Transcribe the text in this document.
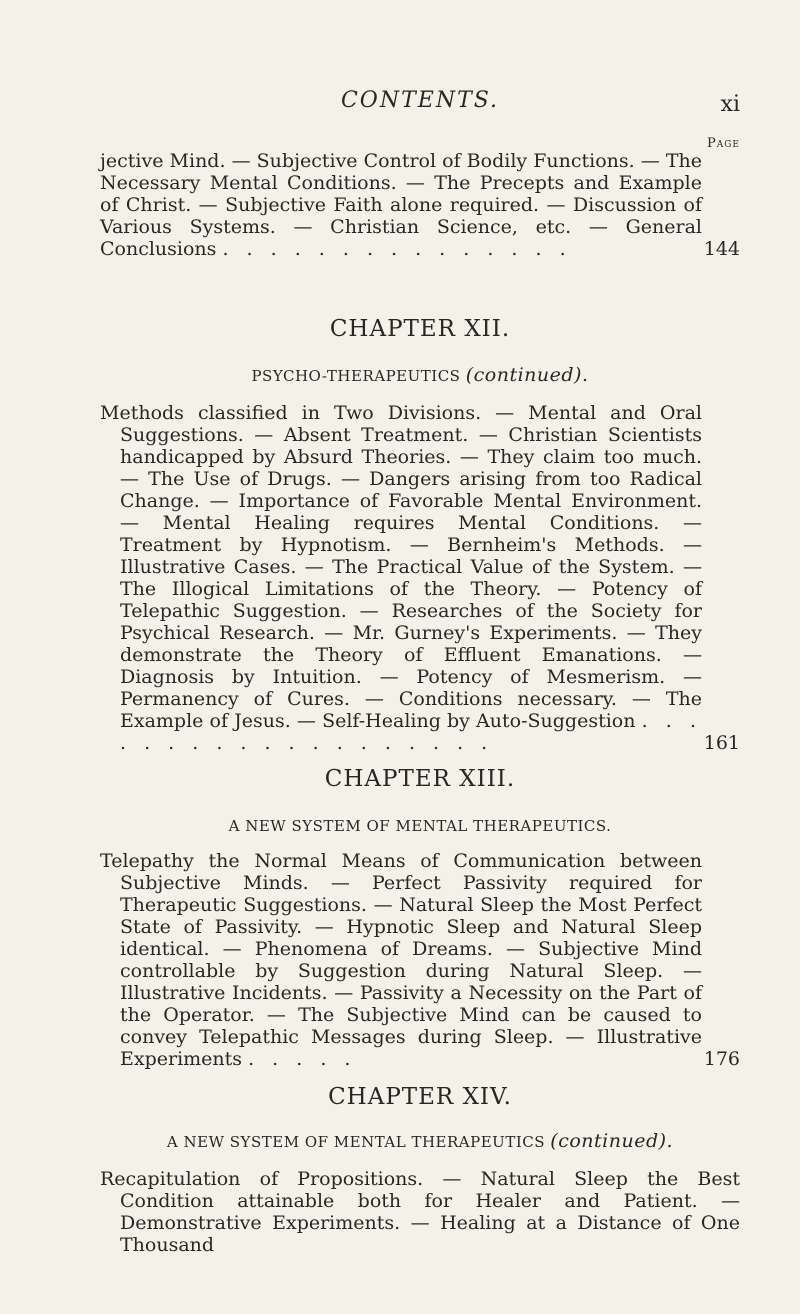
CONTENTS.	xi
Page
jective Mind. — Subjective Control of Bodily Functions. — The Necessary Mental Conditions. — The Precepts and Example of Christ. — Subjective Faith alone required. — Discussion of Various Systems. — Christian Science, etc. — General Conclusions . . . . . . . . . . . . . . .	144
CHAPTER XII.
PSYCHO-THERAPEUTICS (continued).
Methods classified in Two Divisions. — Mental and Oral Suggestions. — Absent Treatment. — Christian Scientists handicapped by Absurd Theories. — They claim too much. — The Use of Drugs. — Dangers arising from too Radical Change. — Importance of Favorable Mental Environment. — Mental Healing requires Mental Conditions. — Treatment by Hypnotism. — Bernheim's Methods. — Illustrative Cases. — The Practical Value of the System. — The Illogical Limitations of the Theory. — Potency of Telepathic Suggestion. — Researches of the Society for Psychical Research. — Mr. Gurney's Experiments. — They demonstrate the Theory of Effluent Emanations. — Diagnosis by Intuition. — Potency of Mesmerism. — Permanency of Cures. — Conditions necessary. — The Example of Jesus. — Self-Healing by Auto-Suggestion . . . . . . . . . . . . . . . . . . .	161
CHAPTER XIII.
A NEW SYSTEM OF MENTAL THERAPEUTICS.
Telepathy the Normal Means of Communication between Subjective Minds. — Perfect Passivity required for Therapeutic Suggestions. — Natural Sleep the Most Perfect State of Passivity. — Hypnotic Sleep and Natural Sleep identical. — Phenomena of Dreams. — Subjective Mind controllable by Suggestion during Natural Sleep. — Illustrative Incidents. — Passivity a Necessity on the Part of the Operator. — The Subjective Mind can be caused to convey Telepathic Messages during Sleep. — Illustrative Experiments . . . . .	176
CHAPTER XIV.
A NEW SYSTEM OF MENTAL THERAPEUTICS (continued).
Recapitulation of Propositions. — Natural Sleep the Best Condition attainable both for Healer and Patient. — Demonstrative Experiments. — Healing at a Distance of One Thousand
